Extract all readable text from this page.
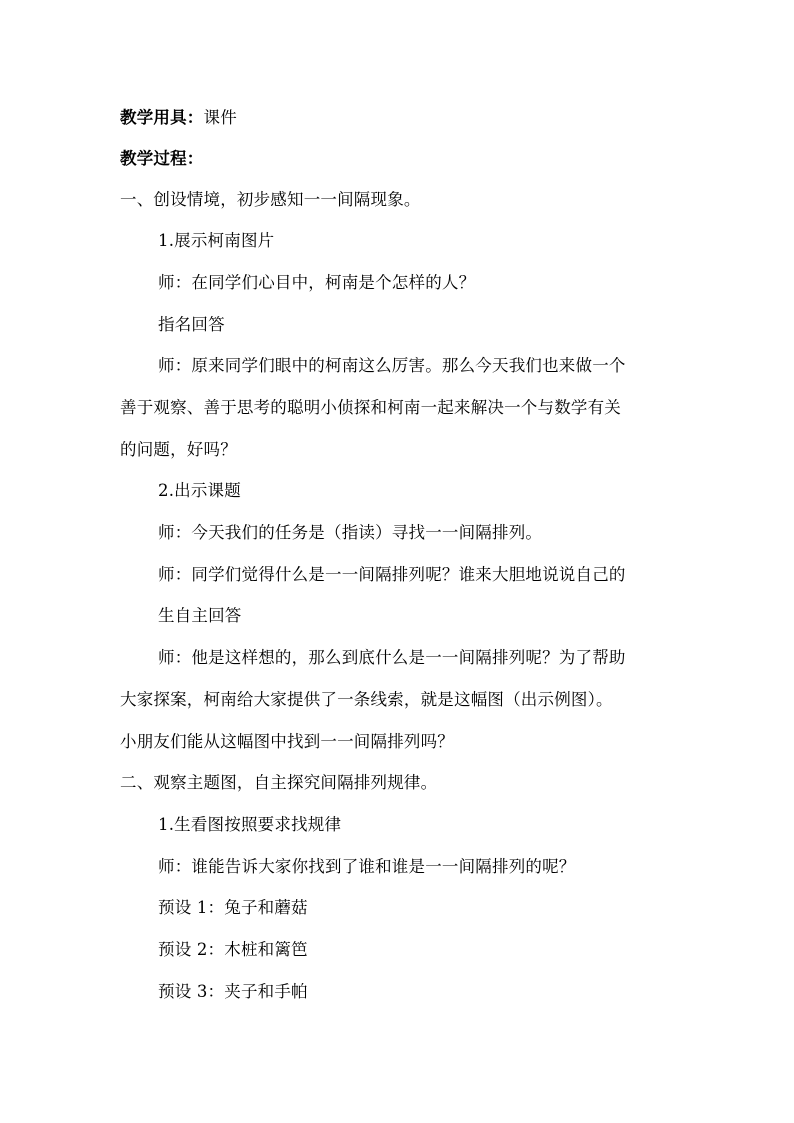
教学用具：课件
教学过程：
一、创设情境，初步感知一一间隔现象。
1.展示柯南图片
师：在同学们心目中，柯南是个怎样的人？
指名回答
师：原来同学们眼中的柯南这么厉害。那么今天我们也来做一个
善于观察、善于思考的聪明小侦探和柯南一起来解决一个与数学有关
的问题，好吗？
2.出示课题
师：今天我们的任务是（指读）寻找一一间隔排列。
师：同学们觉得什么是一一间隔排列呢？谁来大胆地说说自己的
生自主回答
师：他是这样想的，那么到底什么是一一间隔排列呢？为了帮助
大家探案，柯南给大家提供了一条线索，就是这幅图（出示例图）。
小朋友们能从这幅图中找到一一间隔排列吗？
二、观察主题图，自主探究间隔排列规律。
1.生看图按照要求找规律
师：谁能告诉大家你找到了谁和谁是一一间隔排列的呢？
预设 1：兔子和蘑菇
预设 2：木桩和篱笆
预设 3：夹子和手帕
